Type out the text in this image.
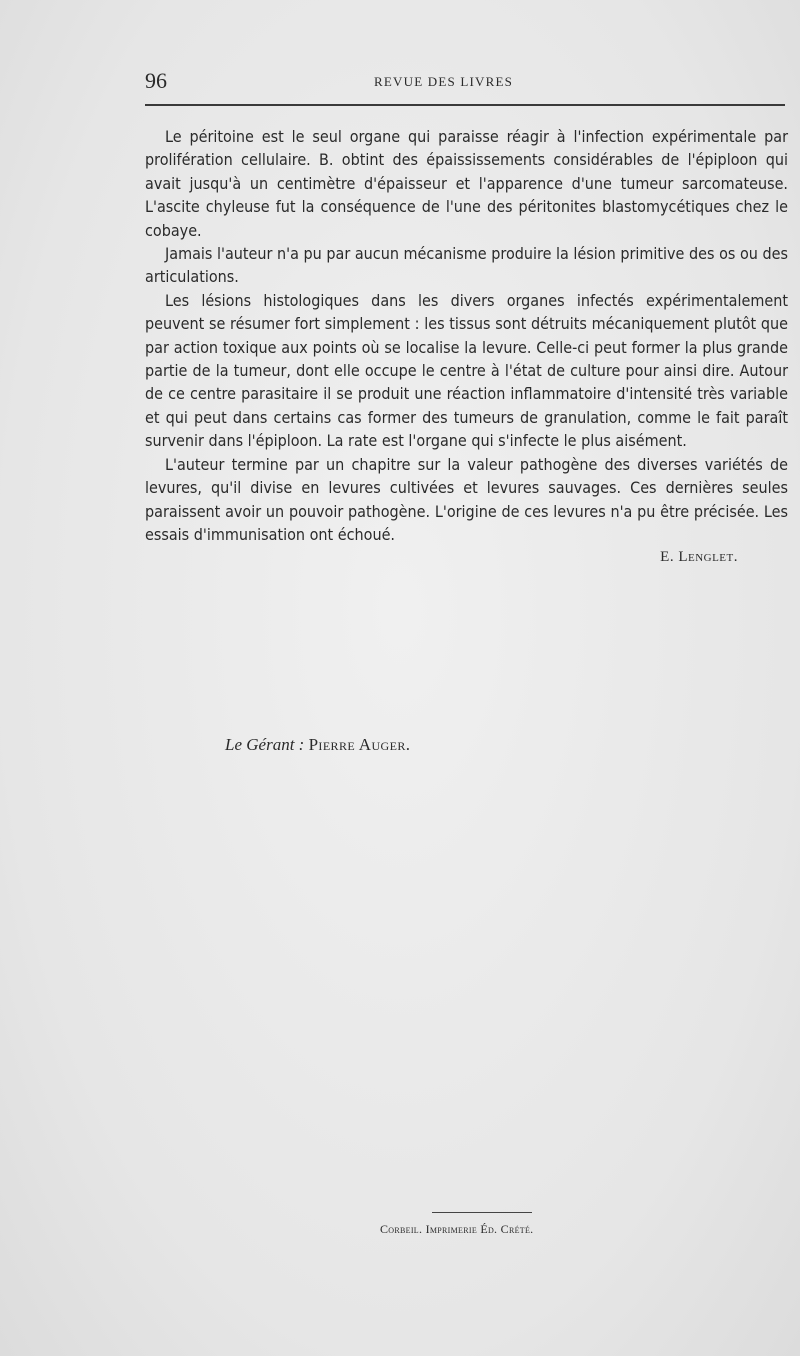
96	REVUE DES LIVRES

Le péritoine est le seul organe qui paraisse réagir à l'infection expérimentale par prolifération cellulaire. B. obtint des épaississements considérables de l'épiploon qui avait jusqu'à un centimètre d'épaisseur et l'apparence d'une tumeur sarcomateuse. L'ascite chyleuse fut la conséquence de l'une des péritonites blastomycétiques chez le cobaye.

Jamais l'auteur n'a pu par aucun mécanisme produire la lésion primitive des os ou des articulations.

Les lésions histologiques dans les divers organes infectés expérimentalement peuvent se résumer fort simplement : les tissus sont détruits mécaniquement plutôt que par action toxique aux points où se localise la levure. Celle-ci peut former la plus grande partie de la tumeur, dont elle occupe le centre à l'état de culture pour ainsi dire. Autour de ce centre parasitaire il se produit une réaction inflammatoire d'intensité très variable et qui peut dans certains cas former des tumeurs de granulation, comme le fait paraît survenir dans l'épiploon. La rate est l'organe qui s'infecte le plus aisément.

L'auteur termine par un chapitre sur la valeur pathogène des diverses variétés de levures, qu'il divise en levures cultivées et levures sauvages. Ces dernières seules paraissent avoir un pouvoir pathogène. L'origine de ces levures n'a pu être précisée. Les essais d'immunisation ont échoué.

E. Lenglet.
Le Gérant : Pierre Auger.
Corbeil. Imprimerie Éd. Crété.
